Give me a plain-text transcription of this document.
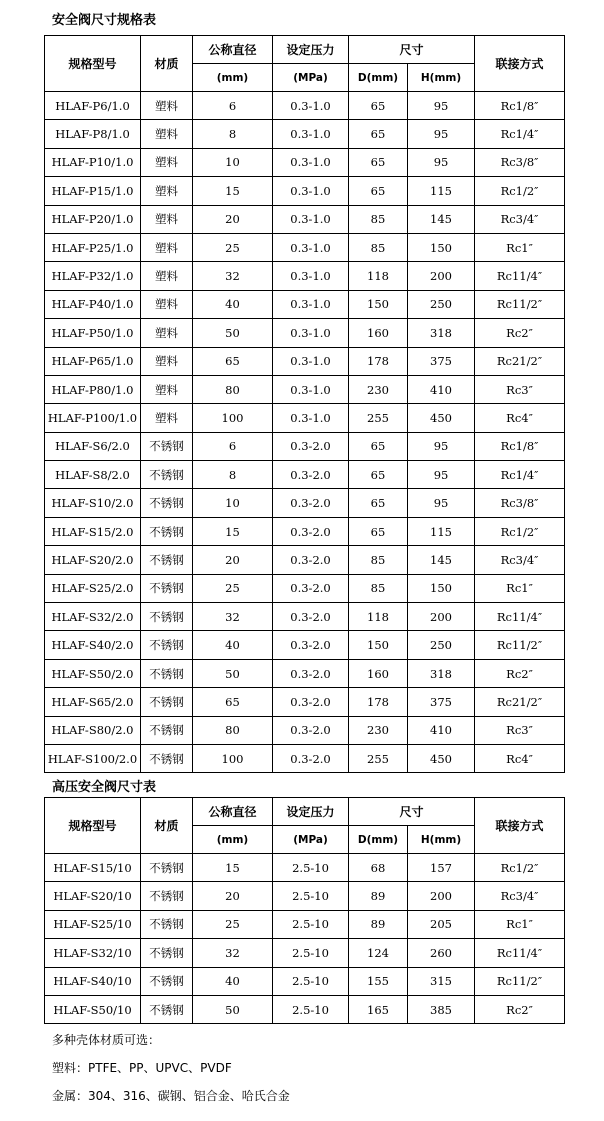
安全阀尺寸规格表
规格型号	材质	公称直径	设定压力	尺寸		联接方式
		(mm)	(MPa)	D(mm)	H(mm)	
HLAF-P6/1.0	塑料	6	0.3-1.0	65	95	Rc1/8″
HLAF-P8/1.0	塑料	8	0.3-1.0	65	95	Rc1/4″
HLAF-P10/1.0	塑料	10	0.3-1.0	65	95	Rc3/8″
HLAF-P15/1.0	塑料	15	0.3-1.0	65	115	Rc1/2″
HLAF-P20/1.0	塑料	20	0.3-1.0	85	145	Rc3/4″
HLAF-P25/1.0	塑料	25	0.3-1.0	85	150	Rc1″
HLAF-P32/1.0	塑料	32	0.3-1.0	118	200	Rc11/4″
HLAF-P40/1.0	塑料	40	0.3-1.0	150	250	Rc11/2″
HLAF-P50/1.0	塑料	50	0.3-1.0	160	318	Rc2″
HLAF-P65/1.0	塑料	65	0.3-1.0	178	375	Rc21/2″
HLAF-P80/1.0	塑料	80	0.3-1.0	230	410	Rc3″
HLAF-P100/1.0	塑料	100	0.3-1.0	255	450	Rc4″
HLAF-S6/2.0	不锈钢	6	0.3-2.0	65	95	Rc1/8″
HLAF-S8/2.0	不锈钢	8	0.3-2.0	65	95	Rc1/4″
HLAF-S10/2.0	不锈钢	10	0.3-2.0	65	95	Rc3/8″
HLAF-S15/2.0	不锈钢	15	0.3-2.0	65	115	Rc1/2″
HLAF-S20/2.0	不锈钢	20	0.3-2.0	85	145	Rc3/4″
HLAF-S25/2.0	不锈钢	25	0.3-2.0	85	150	Rc1″
HLAF-S32/2.0	不锈钢	32	0.3-2.0	118	200	Rc11/4″
HLAF-S40/2.0	不锈钢	40	0.3-2.0	150	250	Rc11/2″
HLAF-S50/2.0	不锈钢	50	0.3-2.0	160	318	Rc2″
HLAF-S65/2.0	不锈钢	65	0.3-2.0	178	375	Rc21/2″
HLAF-S80/2.0	不锈钢	80	0.3-2.0	230	410	Rc3″
HLAF-S100/2.0	不锈钢	100	0.3-2.0	255	450	Rc4″
高压安全阀尺寸表
规格型号	材质	公称直径	设定压力	尺寸		联接方式
		(mm)	(MPa)	D(mm)	H(mm)	
HLAF-S15/10	不锈钢	15	2.5-10	68	157	Rc1/2″
HLAF-S20/10	不锈钢	20	2.5-10	89	200	Rc3/4″
HLAF-S25/10	不锈钢	25	2.5-10	89	205	Rc1″
HLAF-S32/10	不锈钢	32	2.5-10	124	260	Rc11/4″
HLAF-S40/10	不锈钢	40	2.5-10	155	315	Rc11/2″
HLAF-S50/10	不锈钢	50	2.5-10	165	385	Rc2″
多种壳体材质可选：
塑料：PTFE、PP、UPVC、PVDF
金属：304、316、碳钢、铝合金、哈氏合金
